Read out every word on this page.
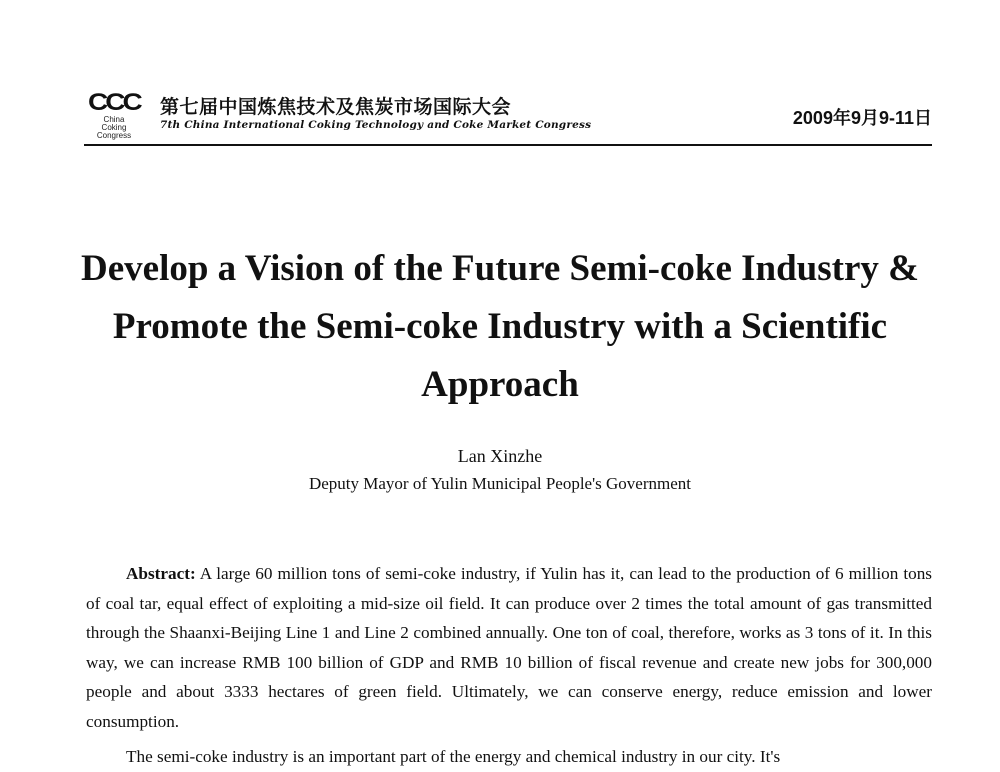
CCC
China
Coking
Congress
第七届中国炼焦技术及焦炭市场国际大会
7th China International Coking Technology and Coke Market Congress	2009年9月9-11日
Develop a Vision of the Future Semi-coke Industry & Promote the Semi-coke Industry with a Scientific Approach
Lan Xinzhe
Deputy Mayor of Yulin Municipal People's Government

Abstract: A large 60 million tons of semi-coke industry, if Yulin has it, can lead to the production of 6 million tons of coal tar, equal effect of exploiting a mid-size oil field. It can produce over 2 times the total amount of gas transmitted through the Shaanxi-Beijing Line 1 and Line 2 combined annually. One ton of coal, therefore, works as 3 tons of it. In this way, we can increase RMB 100 billion of GDP and RMB 10 billion of fiscal revenue and create new jobs for 300,000 people and about 3333 hectares of green field. Ultimately, we can conserve energy, reduce emission and lower consumption.

The semi-coke industry is an important part of the energy and chemical industry in our city. It's
